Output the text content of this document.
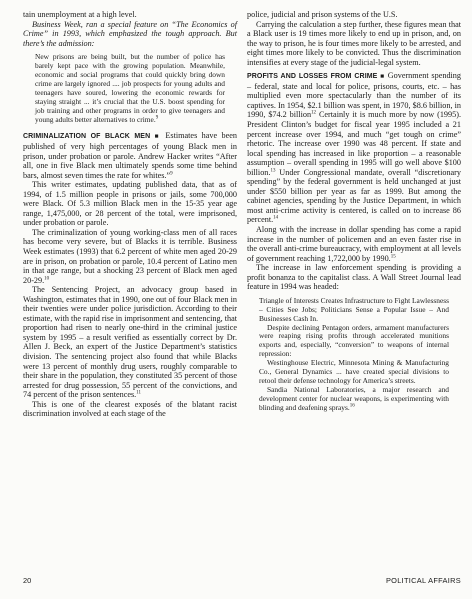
tain unemployment at a high level.

Business Week, ran a special feature on “The Economics of Crime” in 1993, which emphasized the tough approach. But there’s the admission:

New prisons are being built, but the number of police has barely kept pace with the growing population. Meanwhile, economic and social programs that could quickly bring down crime are largely ignored .... job prospects for young adults and teenagers have soured, lowering the economic rewards for staying straight ... it’s crucial that the U.S. boost spending for job training and other programs in order to give teenagers and young adults better alternatives to crime.$^9$

CRIMINALIZATION OF BLACK MEN ■ Estimates have been published of very high percentages of young Black men in prison, under probation or parole. Andrew Hacker writes “After all, one in five Black men ultimately spends some time behind bars, almost seven times the rate for whites.”$^9$

This writer estimates, updating published data, that as of 1994, of 1.5 million people in prisons or jails, some 700,000 were Black. Of 5.3 million Black men in the 15-35 year age range, 1,475,000, or 28 percent of the total, were imprisoned, under probation or parole.

The criminalization of young working-class men of all races has become very severe, but of Blacks it is terrible. Business Week estimates (1993) that 6.2 percent of white men aged 20-29 are in prison, on probation or parole, 10.4 percent of Latino men in that age range, but a shocking 23 percent of Black men aged 20-29.10

The Sentencing Project, an advocacy group based in Washington, estimates that in 1990, one out of four Black men in their twenties were under police jurisdiction. According to their estimate, with the rapid rise in imprisonment and sentencing, that proportion had risen to nearly one-third in the criminal justice system by 1995 – a result verified as essentially correct by Dr. Allen J. Beck, an expert of the Justice Department’s statistics division. The sentencing project also found that while Blacks were 13 percent of monthly drug users, roughly comparable to their share in the population, they constituted 35 percent of those arrested for drug possession, 55 percent of the convictions, and 74 percent of the prison sentences.$^{11}$

This is one of the clearest exposés of the blatant racist discrimination involved at each stage of the

police, judicial and prison systems of the U.S.

Carrying the calculation a step further, these figures mean that a Black user is 19 times more likely to end up in prison, and, on the way to prison, he is four times more likely to be arrested, and eight times more likely to be convicted. Thus the discrimination intensifies at every stage of the judicial-legal system.

PROFITS AND LOSSES FROM CRIME ■ Government spending – federal, state and local for police, prisons, courts, etc. – has multiplied even more spectacularly than the number of its captives. In 1954, $2.1 billion was spent, in 1970, $8.6 billion, in 1990, $74.2 billion$^{12}$ Certainly it is much more by now (1995). President Clinton’s budget for fiscal year 1995 included a 21 percent increase over 1994, and much “get tough on crime” rhetoric. The increase over 1990 was 48 percent. If state and local spending has increased in like proportion – a reasonable assumption – overall spending in 1995 will go well above $100 billion.$^{13}$ Under Congressional mandate, overall “discretionary spending” by the federal government is held unchanged at just under $550 billion per year as far as 1999. But among the cabinet agencies, spending by the Justice Department, in which most anti-crime activity is centered, is called on to increase 86 percent.$^{14}$

Along with the increase in dollar spending has come a rapid increase in the number of policemen and an even faster rise in the overall anti-crime bureaucracy, with employment at all levels of government reaching 1,722,000 by 1990.15

The increase in law enforcement spending is providing a profit bonanza to the capitalist class. A Wall Street Journal lead feature in 1994 was headed:

Triangle of Interests Creates Infrastructure to Fight Lawlessness – Cities See Jobs; Politicians Sense a Popular Issue – And Businesses Cash In.

Despite declining Pentagon orders, armament manufacturers were reaping rising profits through accelerated munitions exports and, especially, “conversion” to weapons of internal repression:

Westinghouse Electric, Minnesota Mining & Manufacturing Co., General Dynamics ... have created special divisions to retool their defense technology for America’s streets.

Sandia National Laboratories, a major research and development center for nuclear weapons, is experimenting with blinding and deafening sprays.$^{16}$

20	POLITICAL AFFAIRS
